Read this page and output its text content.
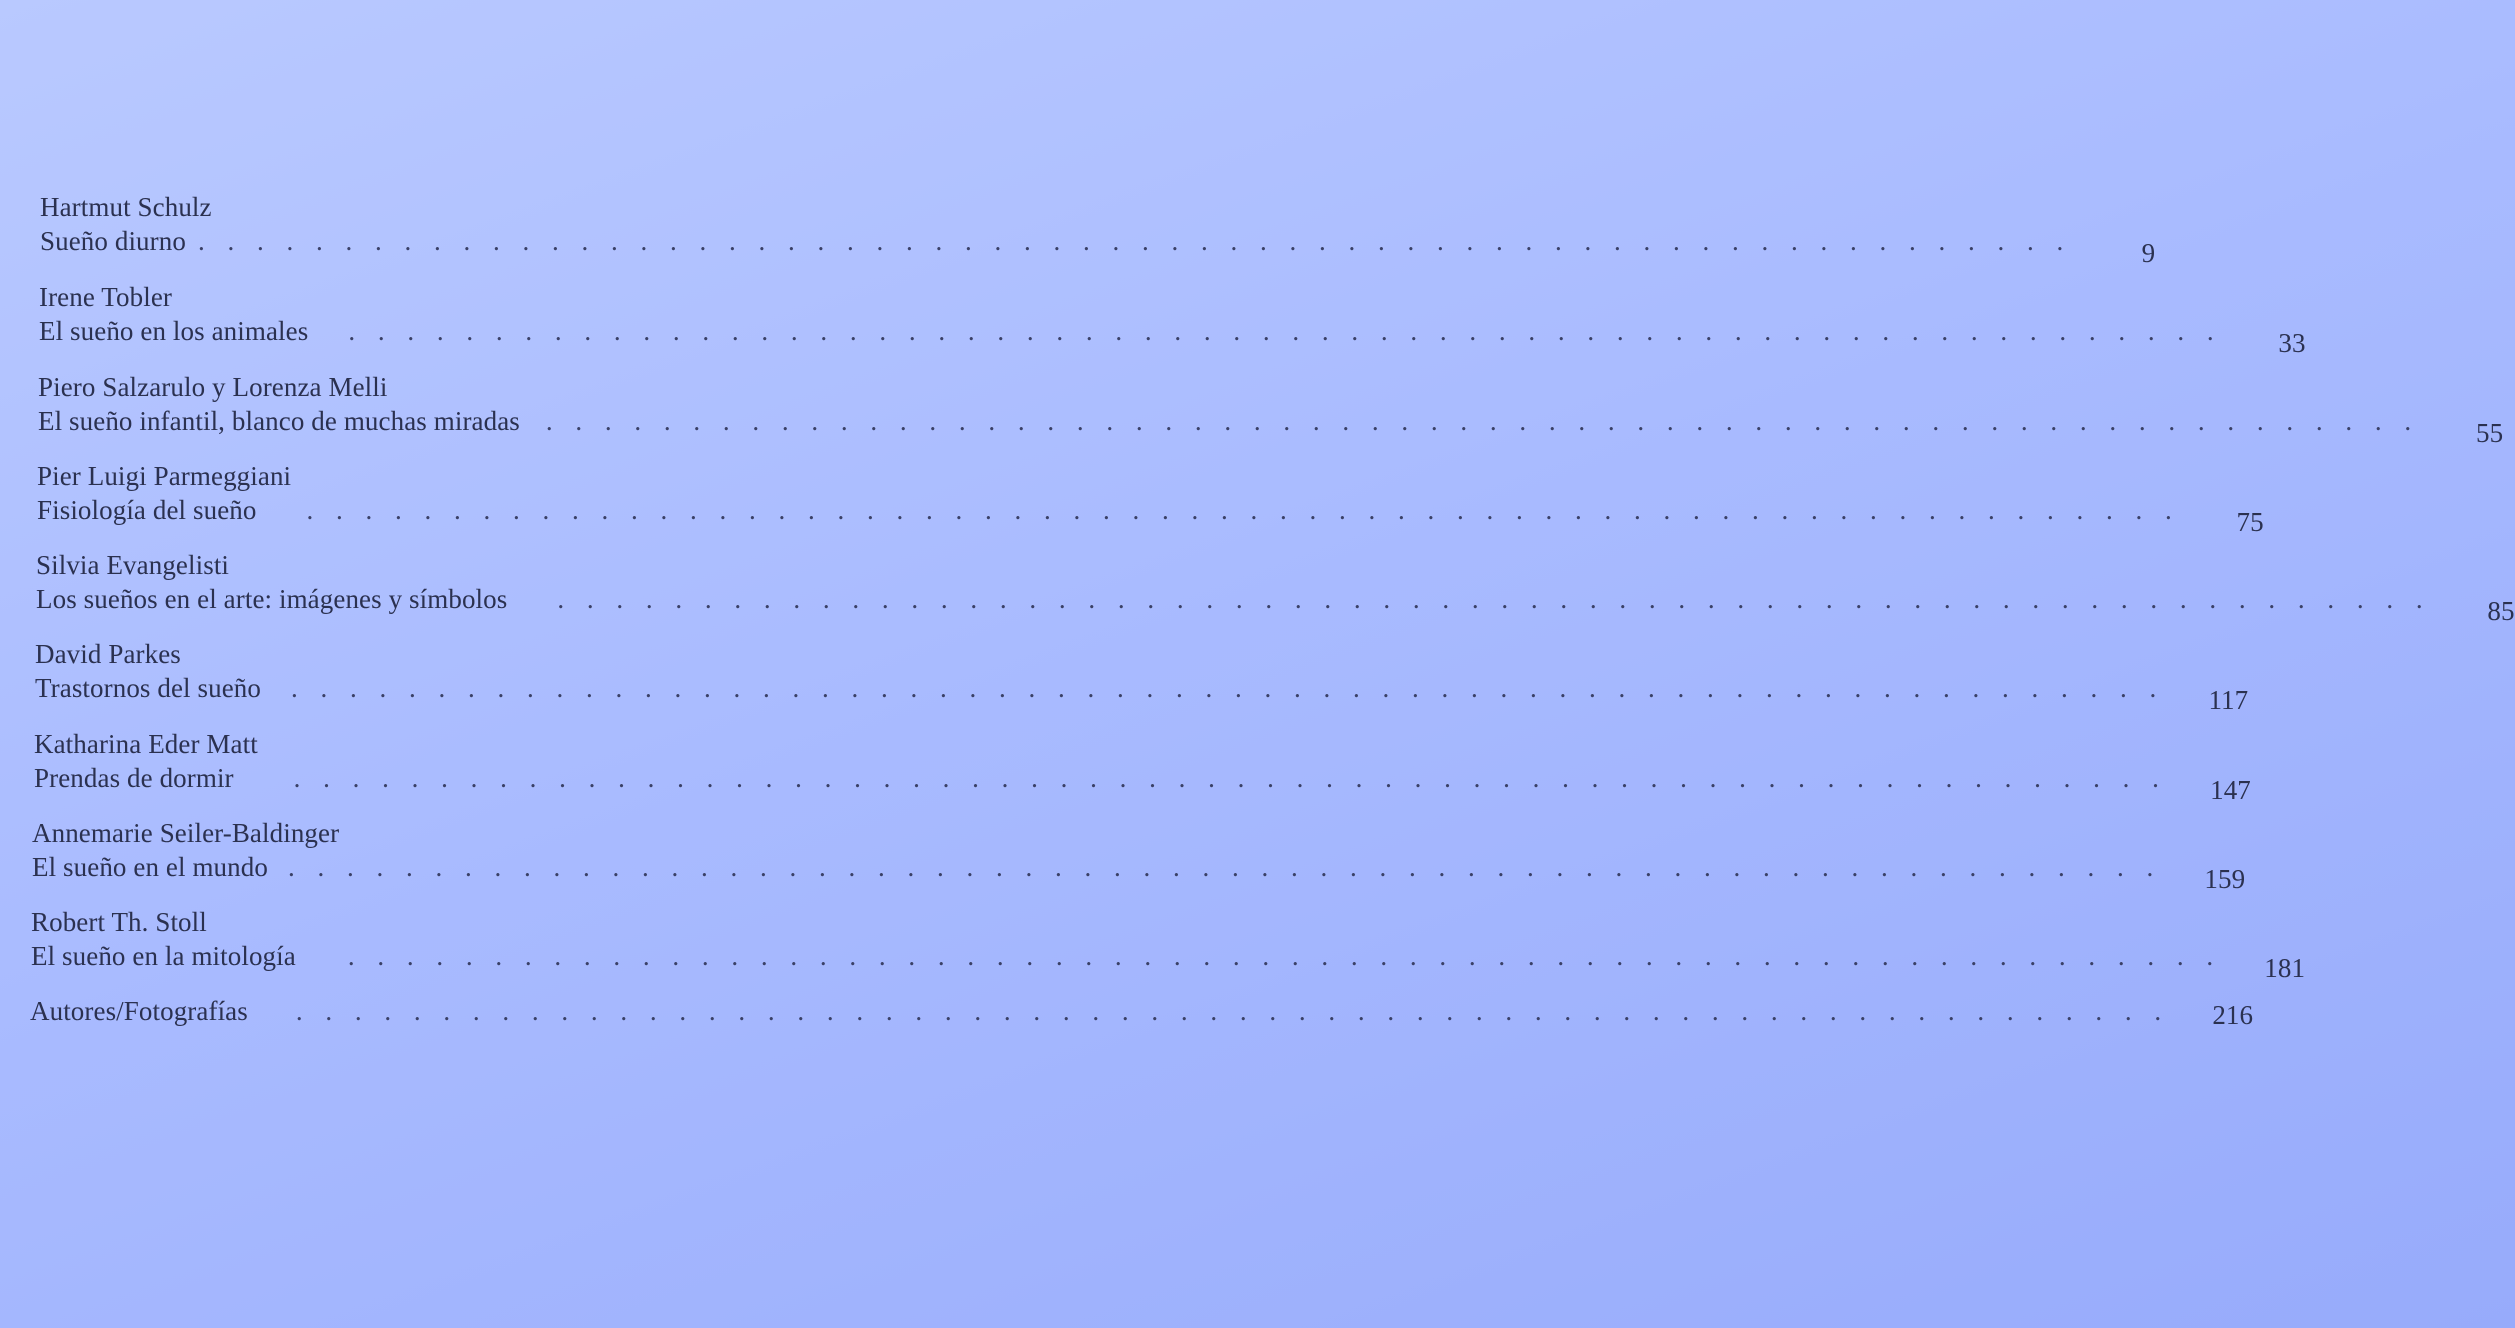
Hartmut Schulz
Sueño diurno . . . . . . . . . . . . . . . . . . . . . . . . . . . . . . . . . . . . . . . . . . . . . . . . . . . . . . . . . . . . . . . .	9
Irene Tobler
El sueño en los animales . . . . . . . . . . . . . . . . . . . . . . . . . . . . . . . . . . . . . . . . . . . . . . . . . . . . . . . . . . . . . . . .	33
Piero Salzarulo y Lorenza Melli
El sueño infantil, blanco de muchas miradas . . . . . . . . . . . . . . . . . . . . . . . . . . . . . . . . . . . . . . . . . . . . . . . . . . . . . . . . . . . . . . . .	55
Pier Luigi Parmeggiani
Fisiología del sueño . . . . . . . . . . . . . . . . . . . . . . . . . . . . . . . . . . . . . . . . . . . . . . . . . . . . . . . . . . . . . . . .	75
Silvia Evangelisti
Los sueños en el arte: imágenes y símbolos . . . . . . . . . . . . . . . . . . . . . . . . . . . . . . . . . . . . . . . . . . . . . . . . . . . . . . . . . . . . . . . .	85
David Parkes
Trastornos del sueño . . . . . . . . . . . . . . . . . . . . . . . . . . . . . . . . . . . . . . . . . . . . . . . . . . . . . . . . . . . . . . . .	117
Katharina Eder Matt
Prendas de dormir . . . . . . . . . . . . . . . . . . . . . . . . . . . . . . . . . . . . . . . . . . . . . . . . . . . . . . . . . . . . . . . .	147
Annemarie Seiler-Baldinger
El sueño en el mundo . . . . . . . . . . . . . . . . . . . . . . . . . . . . . . . . . . . . . . . . . . . . . . . . . . . . . . . . . . . . . . . .	159
Robert Th. Stoll
El sueño en la mitología . . . . . . . . . . . . . . . . . . . . . . . . . . . . . . . . . . . . . . . . . . . . . . . . . . . . . . . . . . . . . . . .	181
Autores/Fotografías . . . . . . . . . . . . . . . . . . . . . . . . . . . . . . . . . . . . . . . . . . . . . . . . . . . . . . . . . . . . . . . .	216
